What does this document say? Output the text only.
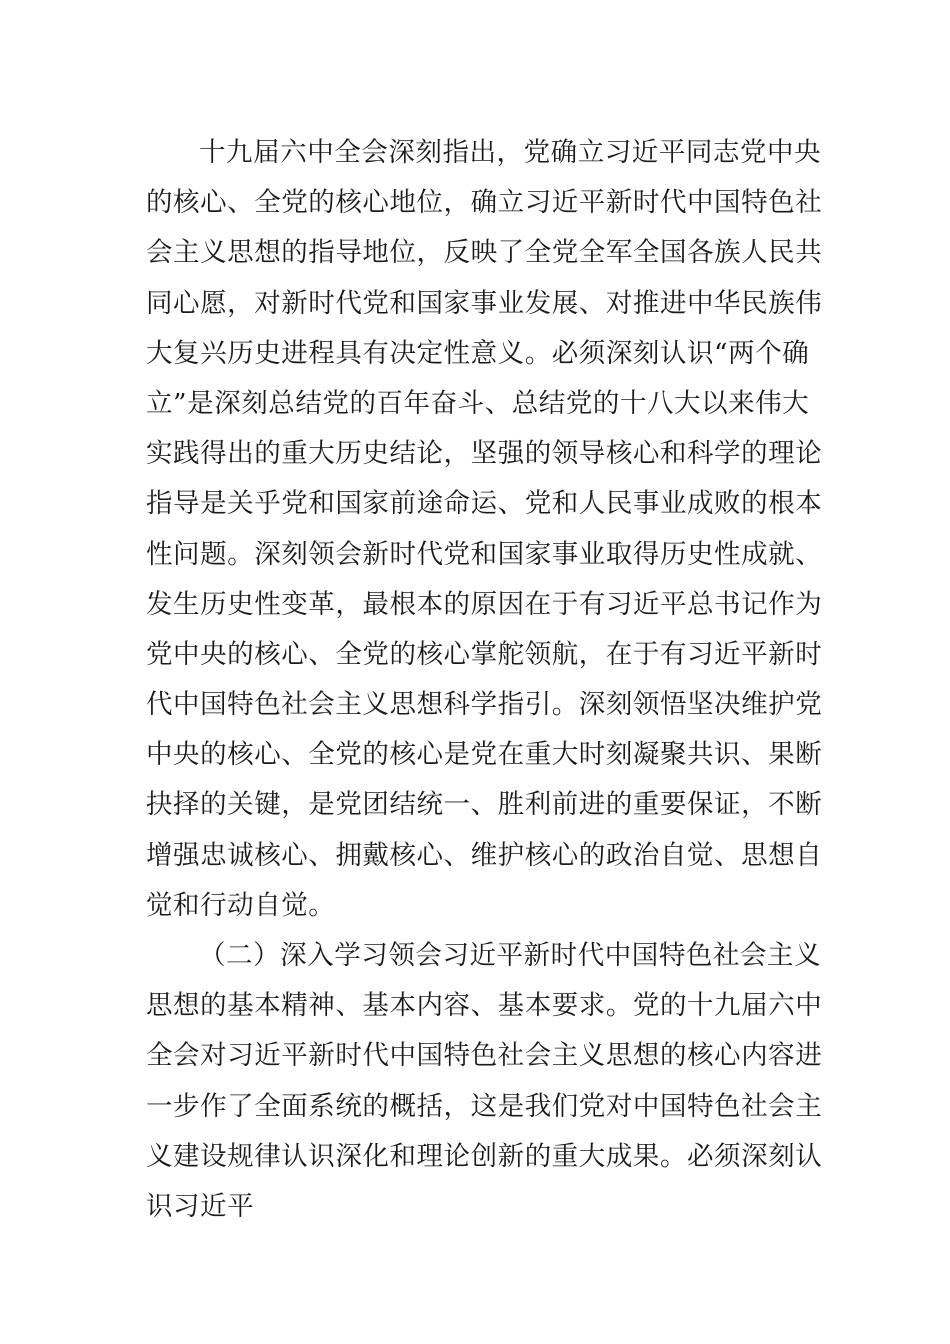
十九届六中全会深刻指出，党确立习近平同志党中央
的核心、全党的核心地位，确立习近平新时代中国特色社
会主义思想的指导地位，反映了全党全军全国各族人民共
同心愿，对新时代党和国家事业发展、对推进中华民族伟
大复兴历史进程具有决定性意义。必须深刻认识“两个确
立”是深刻总结党的百年奋斗、总结党的十八大以来伟大
实践得出的重大历史结论，坚强的领导核心和科学的理论
指导是关乎党和国家前途命运、党和人民事业成败的根本
性问题。深刻领会新时代党和国家事业取得历史性成就、
发生历史性变革，最根本的原因在于有习近平总书记作为
党中央的核心、全党的核心掌舵领航，在于有习近平新时
代中国特色社会主义思想科学指引。深刻领悟坚决维护党
中央的核心、全党的核心是党在重大时刻凝聚共识、果断
抉择的关键，是党团结统一、胜利前进的重要保证，不断
增强忠诚核心、拥戴核心、维护核心的政治自觉、思想自
觉和行动自觉。
（二）深入学习领会习近平新时代中国特色社会主义
思想的基本精神、基本内容、基本要求。党的十九届六中
全会对习近平新时代中国特色社会主义思想的核心内容进
一步作了全面系统的概括，这是我们党对中国特色社会主
义建设规律认识深化和理论创新的重大成果。必须深刻认
识习近平
